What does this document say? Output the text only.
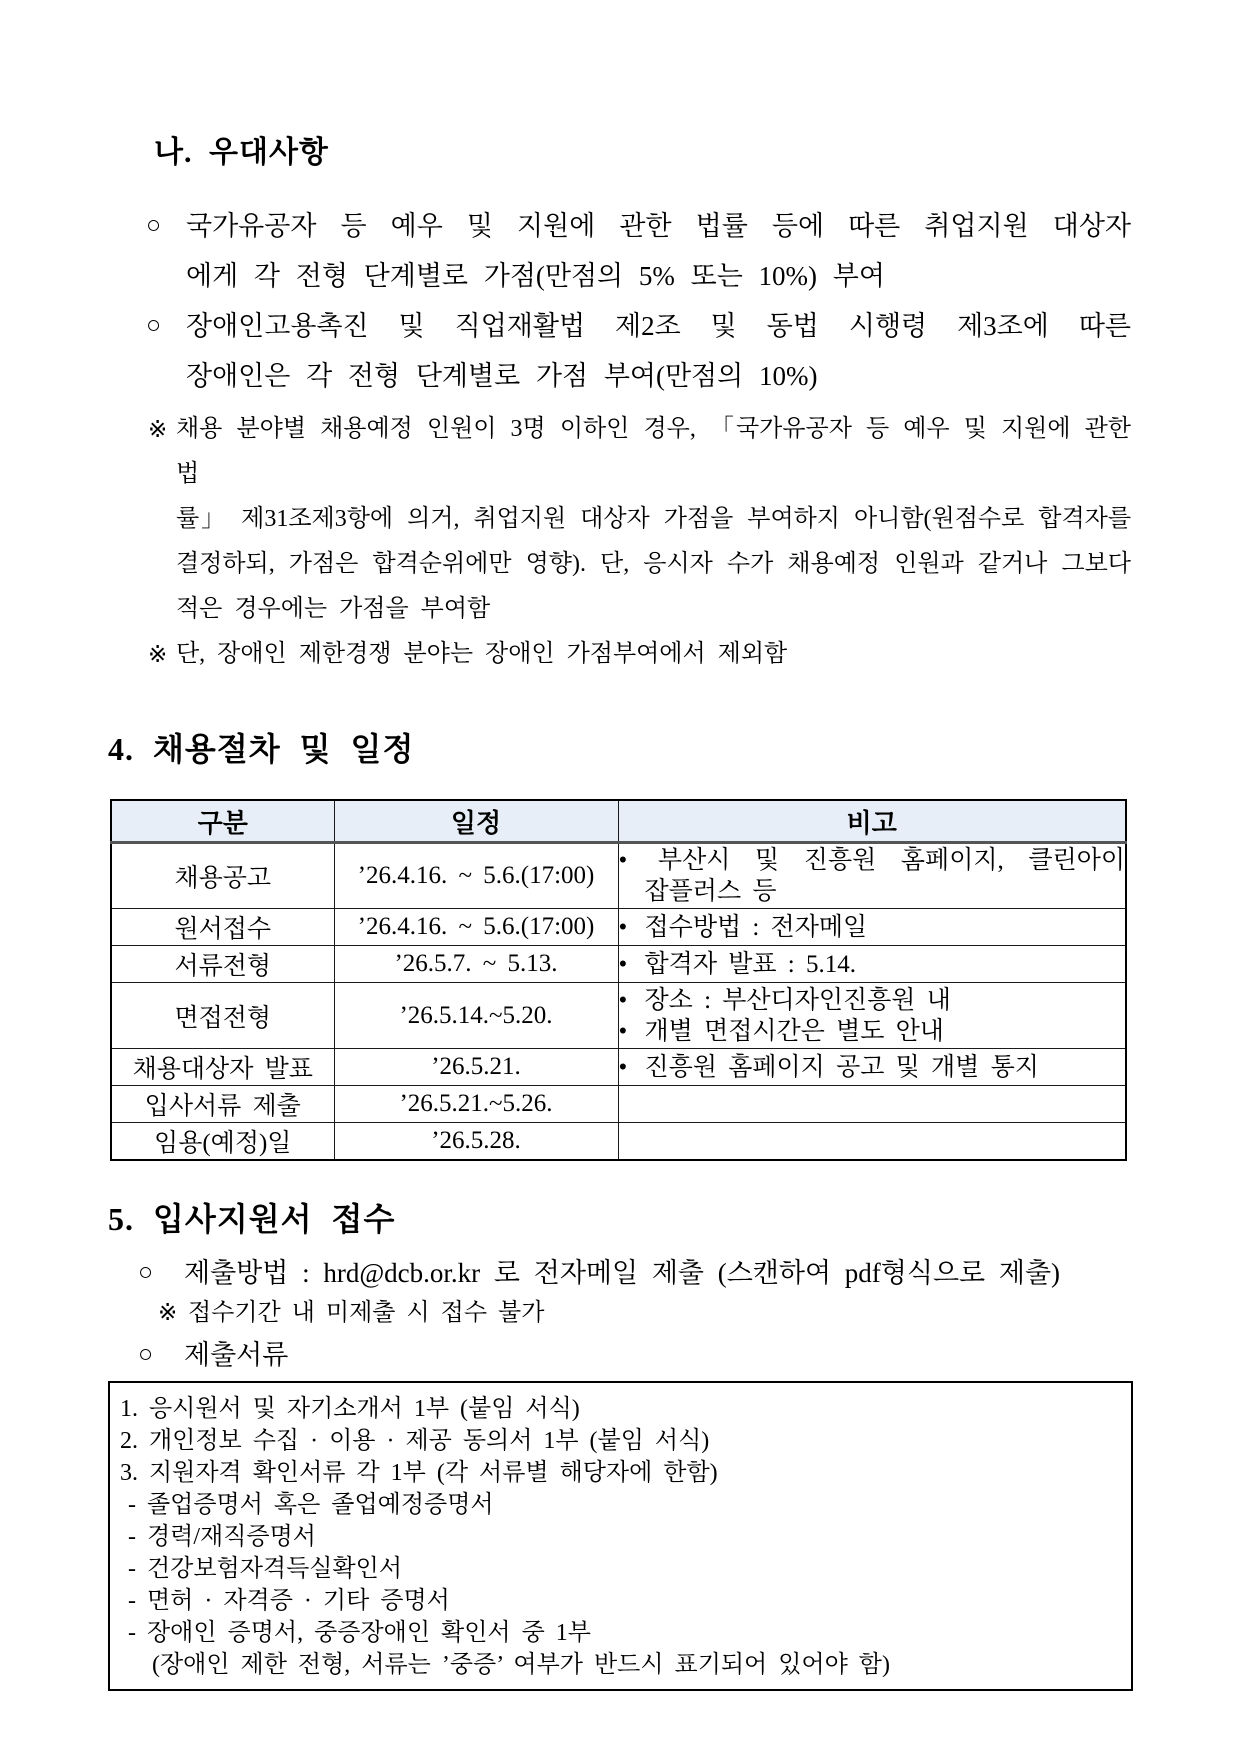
나. 우대사항
○ 국가유공자 등 예우 및 지원에 관한 법률 등에 따른 취업지원 대상자
에게 각 전형 단계별로 가점(만점의 5% 또는 10%) 부여
○ 장애인고용촉진 및 직업재활법 제2조 및 동법 시행령 제3조에 따른
장애인은 각 전형 단계별로 가점 부여(만점의 10%)
※ 채용 분야별 채용예정 인원이 3명 이하인 경우, 「국가유공자 등 예우 및 지원에 관한 법
률」 제31조제3항에 의거, 취업지원 대상자 가점을 부여하지 아니함(원점수로 합격자를
결정하되, 가점은 합격순위에만 영향). 단, 응시자 수가 채용예정 인원과 같거나 그보다
적은 경우에는 가점을 부여함
※ 단, 장애인 제한경쟁 분야는 장애인 가점부여에서 제외함
4. 채용절차 및 일정
구분	일정	비고
채용공고	’26.4.16. ~ 5.6.(17:00)	• 부산시 및 진흥원 홈페이지, 클린아이
잡플러스 등

원서접수	’26.4.16. ~ 5.6.(17:00)	• 접수방법 : 전자메일

서류전형	’26.5.7. ~ 5.13.	• 합격자 발표 : 5.14.

면접전형	’26.5.14.~5.20.	• 장소 : 부산디자인진흥원 내
• 개별 면접시간은 별도 안내

채용대상자 발표	’26.5.21.	• 진흥원 홈페이지 공고 및 개별 통지

입사서류 제출	’26.5.21.~5.26.	
임용(예정)일	’26.5.28.	
5. 입사지원서 접수
○	제출방법 : hrd@dcb.or.kr 로 전자메일 제출 (스캔하여 pdf형식으로 제출)
※ 접수기간 내 미제출 시 접수 불가
○	제출서류
1. 응시원서 및 자기소개서 1부 (붙임 서식)
2. 개인정보 수집 · 이용 · 제공 동의서 1부 (붙임 서식)
3. 지원자격 확인서류 각 1부 (각 서류별 해당자에 한함)
- 졸업증명서 혹은 졸업예정증명서
- 경력/재직증명서
- 건강보험자격득실확인서
- 면허 · 자격증 · 기타 증명서
- 장애인 증명서, 중증장애인 확인서 중 1부
(장애인 제한 전형, 서류는 ’중증’ 여부가 반드시 표기되어 있어야 함)
